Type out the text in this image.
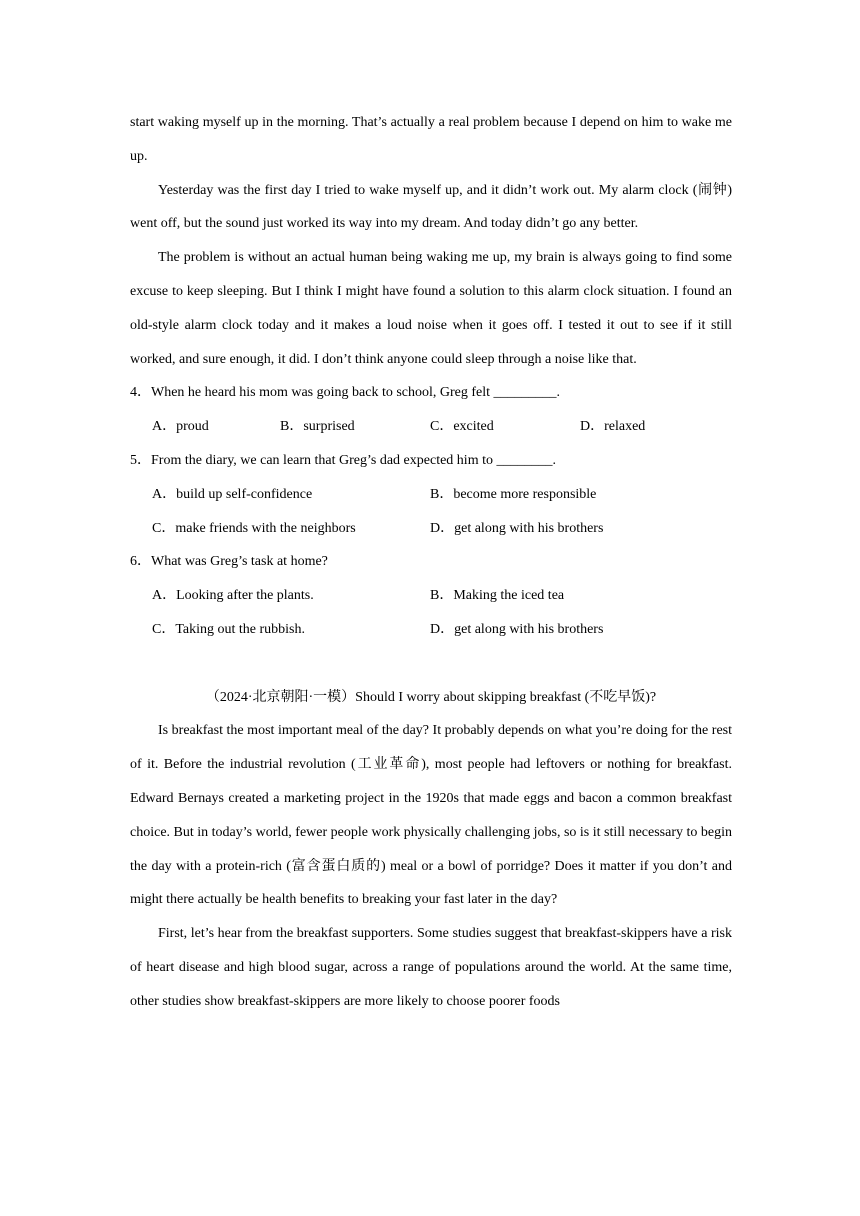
start waking myself up in the morning. That’s actually a real problem because I depend on him to wake me up.

Yesterday was the first day I tried to wake myself up, and it didn’t work out. My alarm clock (闹钟) went off, but the sound just worked its way into my dream. And today didn’t go any better.

The problem is without an actual human being waking me up, my brain is always going to find some excuse to keep sleeping. But I think I might have found a solution to this alarm clock situation. I found an old-style alarm clock today and it makes a loud noise when it goes off. I tested it out to see if it still worked, and sure enough, it did. I don’t think anyone could sleep through a noise like that.

4．When he heard his mom was going back to school, Greg felt _________.
A．proud	B．surprised	C．excited	D．relaxed
5．From the diary, we can learn that Greg’s dad expected him to ________.
A．build up self-confidence	B．become more responsible
C．make friends with the neighbors	D．get along with his brothers
6．What was Greg’s task at home?
A．Looking after the plants.	B．Making the iced tea
C．Taking out the rubbish.	D．get along with his brothers
（2024·北京朝阳·一模）Should I worry about skipping breakfast (不吃早饭)?

Is breakfast the most important meal of the day? It probably depends on what you’re doing for the rest of it. Before the industrial revolution (工业革命), most people had leftovers or nothing for breakfast. Edward Bernays created a marketing project in the 1920s that made eggs and bacon a common breakfast choice. But in today’s world, fewer people work physically challenging jobs, so is it still necessary to begin the day with a protein-rich (富含蛋白质的) meal or a bowl of porridge? Does it matter if you don’t and might there actually be health benefits to breaking your fast later in the day?

First, let’s hear from the breakfast supporters. Some studies suggest that breakfast-skippers have a risk of heart disease and high blood sugar, across a range of populations around the world. At the same time, other studies show breakfast-skippers are more likely to choose poorer foods
